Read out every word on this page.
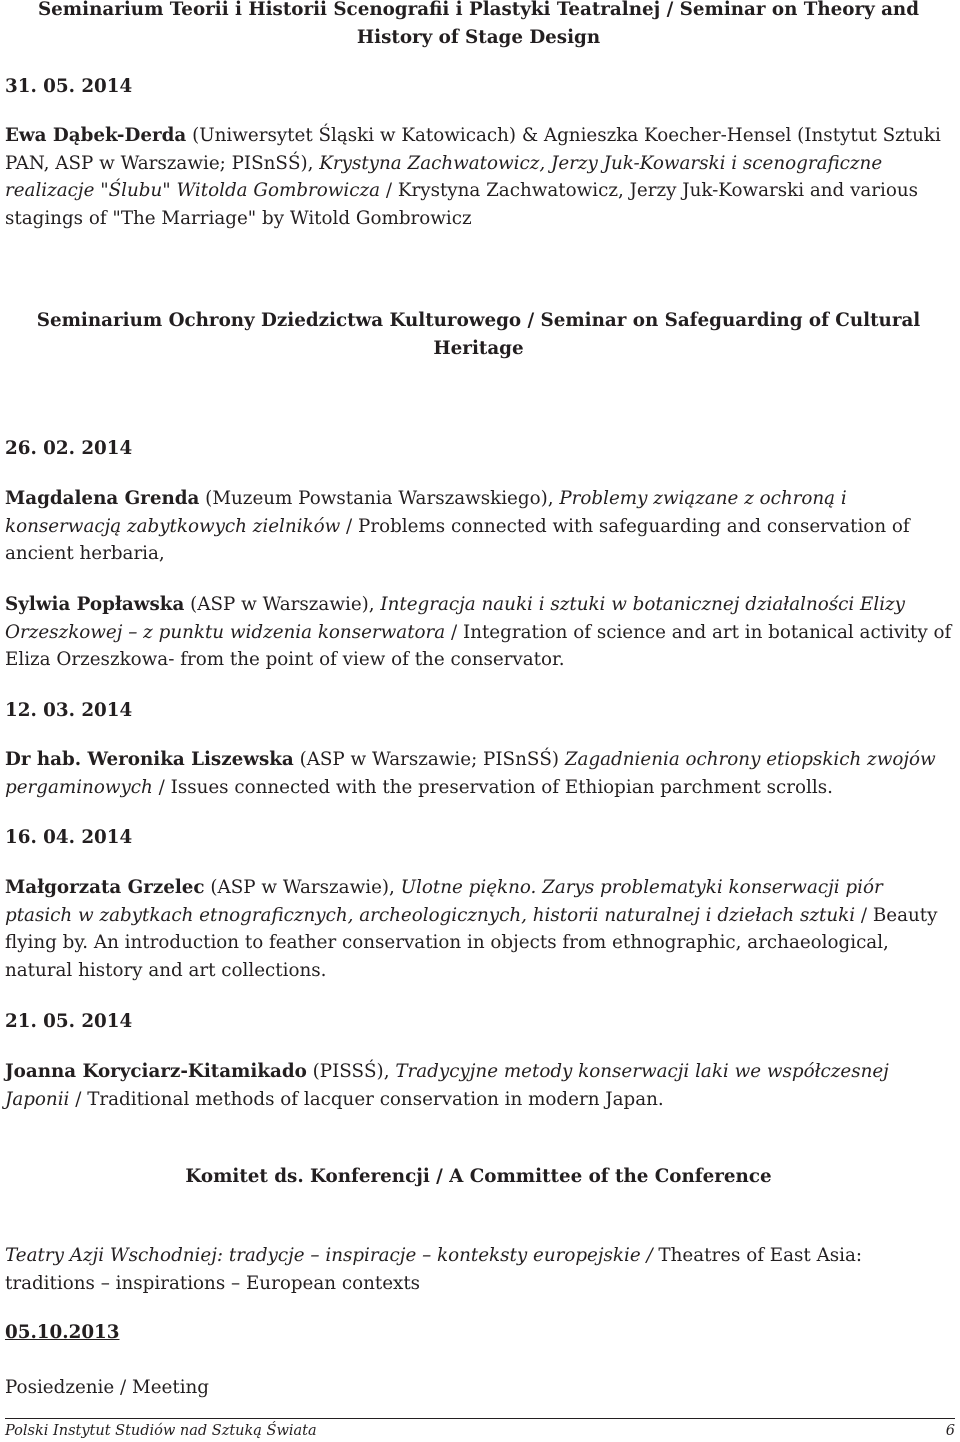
Seminarium Teorii i Historii Scenografii i Plastyki Teatralnej / Seminar on Theory and History of Stage Design
31. 05. 2014

Ewa Dąbek-Derda (Uniwersytet Śląski w Katowicach) & Agnieszka Koecher-Hensel (Instytut Sztuki PAN, ASP w Warszawie; PISnSŚ), Krystyna Zachwatowicz, Jerzy Juk-Kowarski i scenograficzne realizacje "Ślubu" Witolda Gombrowicza / Krystyna Zachwatowicz, Jerzy Juk-Kowarski and various stagings of "The Marriage" by Witold Gombrowicz

Seminarium Ochrony Dziedzictwa Kulturowego / Seminar on Safeguarding of Cultural Heritage
26. 02. 2014

Magdalena Grenda (Muzeum Powstania Warszawskiego), Problemy związane z ochroną i konserwacją zabytkowych zielników / Problems connected with safeguarding and conservation of ancient herbaria,

Sylwia Popławska (ASP w Warszawie), Integracja nauki i sztuki w botanicznej działalności Elizy Orzeszkowej – z punktu widzenia konserwatora / Integration of science and art in botanical activity of Eliza Orzeszkowa- from the point of view of the conservator.

12. 03. 2014

Dr hab. Weronika Liszewska (ASP w Warszawie; PISnSŚ) Zagadnienia ochrony etiopskich zwojów pergaminowych / Issues connected with the preservation of Ethiopian parchment scrolls.

16. 04. 2014

Małgorzata Grzelec (ASP w Warszawie), Ulotne piękno. Zarys problematyki konserwacji piór ptasich w zabytkach etnograficznych, archeologicznych, historii naturalnej i dziełach sztuki / Beauty flying by. An introduction to feather conservation in objects from ethnographic, archaeological, natural history and art collections.

21. 05. 2014

Joanna Koryciarz-Kitamikado (PISSŚ), Tradycyjne metody konserwacji laki we współczesnej Japonii / Traditional methods of lacquer conservation in modern Japan.

Komitet ds. Konferencji / A Committee of the Conference

Teatry Azji Wschodniej: tradycje – inspiracje – konteksty europejskie / Theatres of East Asia: traditions – inspirations – European contexts

05.10.2013
Posiedzenie / Meeting
Polski Instytut Studiów nad Sztuką Świata	6
